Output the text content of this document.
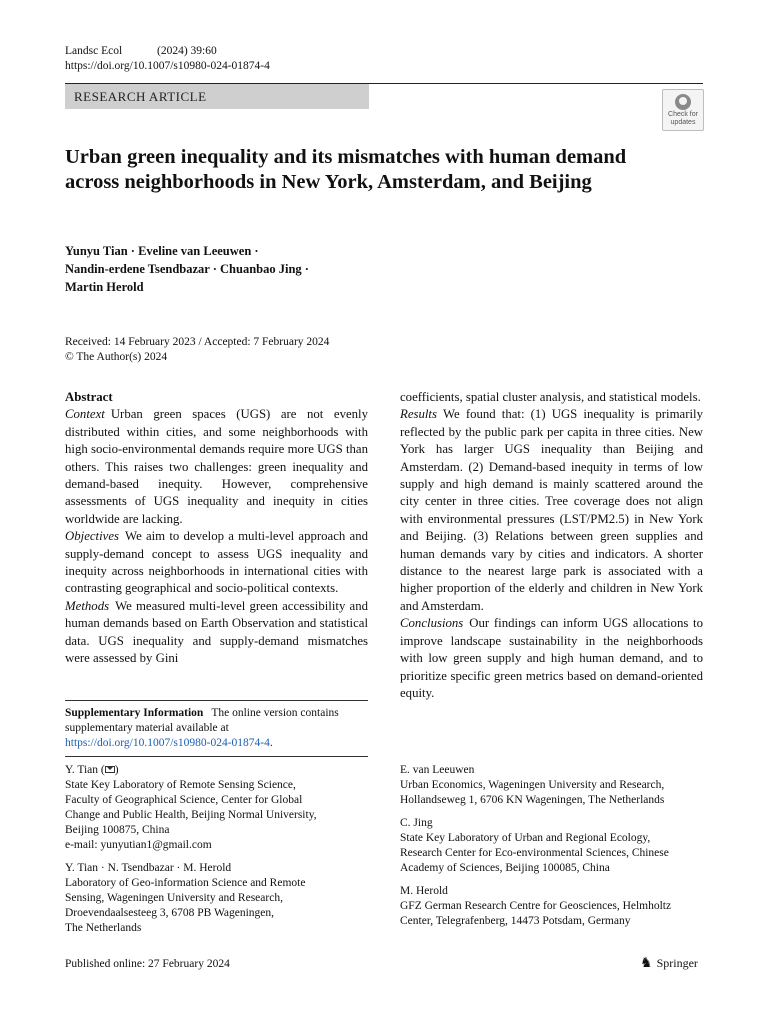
Landsc Ecol	(2024) 39:60
https://doi.org/10.1007/s10980-024-01874-4
RESEARCH ARTICLE
Check for
updates
Urban green inequality and its mismatches with human demand across neighborhoods in New York, Amsterdam, and Beijing
Yunyu Tian · Eveline van Leeuwen ·
Nandin-erdene Tsendbazar · Chuanbao Jing ·
Martin Herold
Received: 14 February 2023 / Accepted: 7 February 2024
© The Author(s) 2024

Abstract

Context Urban green spaces (UGS) are not evenly distributed within cities, and some neighborhoods with high socio-environmental demands require more UGS than others. This raises two challenges: green inequality and demand-based inequity. However, comprehensive assessments of UGS inequality and inequity in cities worldwide are lacking.

Objectives We aim to develop a multi-level approach and supply-demand concept to assess UGS inequality and inequity across neighborhoods in international cities with contrasting geographical and socio-political contexts.

Methods We measured multi-level green accessibility and human demands based on Earth Observation and statistical data. UGS inequality and supply-demand mismatches were assessed by Gini

coefficients, spatial cluster analysis, and statistical models.

Results We found that: (1) UGS inequality is primarily reflected by the public park per capita in three cities. New York has larger UGS inequality than Beijing and Amsterdam. (2) Demand-based inequity in terms of low supply and high demand is mainly scattered around the city center in three cities. Tree coverage does not align with environmental pressures (LST/PM2.5) in New York and Beijing. (3) Relations between green supplies and human demands vary by cities and indicators. A shorter distance to the nearest large park is associated with a higher proportion of the elderly and children in New York and Amsterdam.

Conclusions Our findings can inform UGS allocations to improve landscape sustainability in the neighborhoods with low green supply and high human demand, and to prioritize specific green metrics based on demand-oriented equity.

Supplementary Information The online version contains supplementary material available at https://doi.org/10.1007/s10980-024-01874-4.
Y. Tian ( )
State Key Laboratory of Remote Sensing Science,
Faculty of Geographical Science, Center for Global
Change and Public Health, Beijing Normal University,
Beijing 100875, China
e-mail: yunyutian1@gmail.com
Y. Tian · N. Tsendbazar · M. Herold
Laboratory of Geo-information Science and Remote
Sensing, Wageningen University and Research,
Droevendaalsesteeg 3, 6708 PB Wageningen,
The Netherlands
E. van Leeuwen
Urban Economics, Wageningen University and Research,
Hollandseweg 1, 6706 KN Wageningen, The Netherlands
C. Jing
State Key Laboratory of Urban and Regional Ecology,
Research Center for Eco-environmental Sciences, Chinese
Academy of Sciences, Beijing 100085, China
M. Herold
GFZ German Research Centre for Geosciences, Helmholtz
Center, Telegrafenberg, 14473 Potsdam, Germany
Published online: 27 February 2024	♞ Springer
